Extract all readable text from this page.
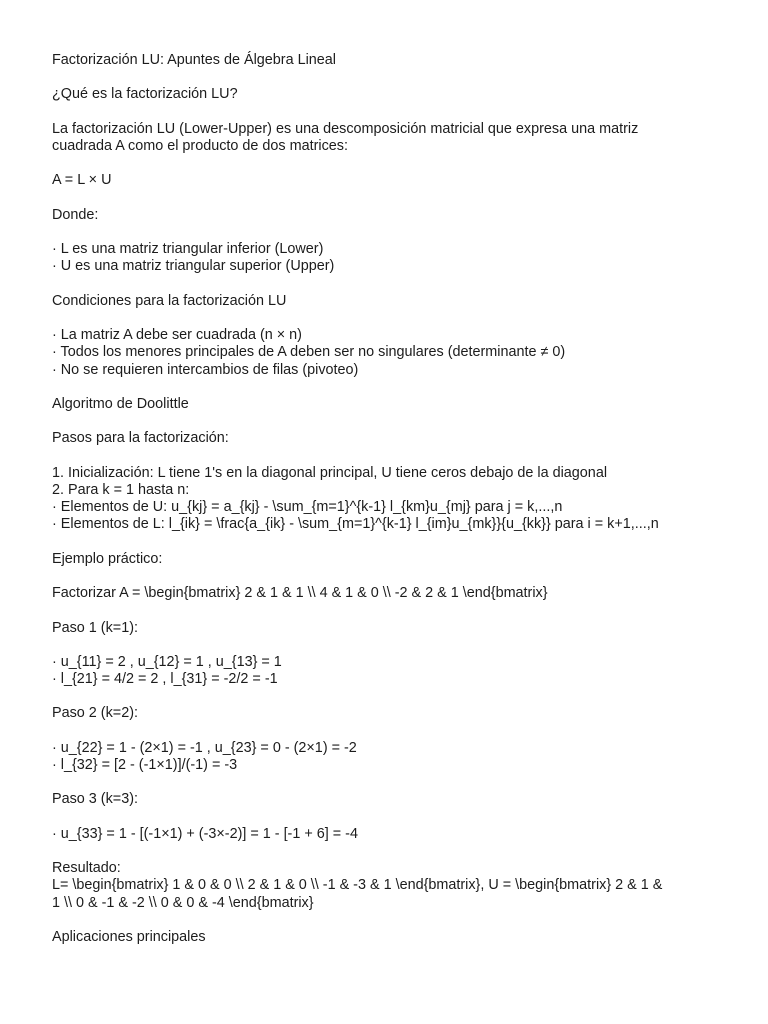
Factorización LU: Apuntes de Álgebra Lineal
¿Qué es la factorización LU?
La factorización LU (Lower-Upper) es una descomposición matricial que expresa una matriz
cuadrada A como el producto de dos matrices:
A = L × U
Donde:
· L es una matriz triangular inferior (Lower)
· U es una matriz triangular superior (Upper)
Condiciones para la factorización LU
· La matriz A debe ser cuadrada (n × n)
· Todos los menores principales de A deben ser no singulares (determinante ≠ 0)
· No se requieren intercambios de filas (pivoteo)
Algoritmo de Doolittle
Pasos para la factorización:
1. Inicialización: L tiene 1's en la diagonal principal, U tiene ceros debajo de la diagonal
2. Para k = 1 hasta n:
· Elementos de U: u_{kj} = a_{kj} - \sum_{m=1}^{k-1} l_{km}u_{mj} para j = k,...,n
· Elementos de L: l_{ik} = \frac{a_{ik} - \sum_{m=1}^{k-1} l_{im}u_{mk}}{u_{kk}} para i = k+1,...,n
Ejemplo práctico:
Factorizar A = \begin{bmatrix} 2 & 1 & 1 \\ 4 & 1 & 0 \\ -2 & 2 & 1 \end{bmatrix}
Paso 1 (k=1):
· u_{11} = 2 , u_{12} = 1 , u_{13} = 1
· l_{21} = 4/2 = 2 , l_{31} = -2/2 = -1
Paso 2 (k=2):
· u_{22} = 1 - (2×1) = -1 , u_{23} = 0 - (2×1) = -2
· l_{32} = [2 - (-1×1)]/(-1) = -3
Paso 3 (k=3):
· u_{33} = 1 - [(-1×1) + (-3×-2)] = 1 - [-1 + 6] = -4
Resultado:
L= \begin{bmatrix} 1 & 0 & 0 \\ 2 & 1 & 0 \\ -1 & -3 & 1 \end{bmatrix}, U = \begin{bmatrix} 2 & 1 &
1 \\ 0 & -1 & -2 \\ 0 & 0 & -4 \end{bmatrix}
Aplicaciones principales
